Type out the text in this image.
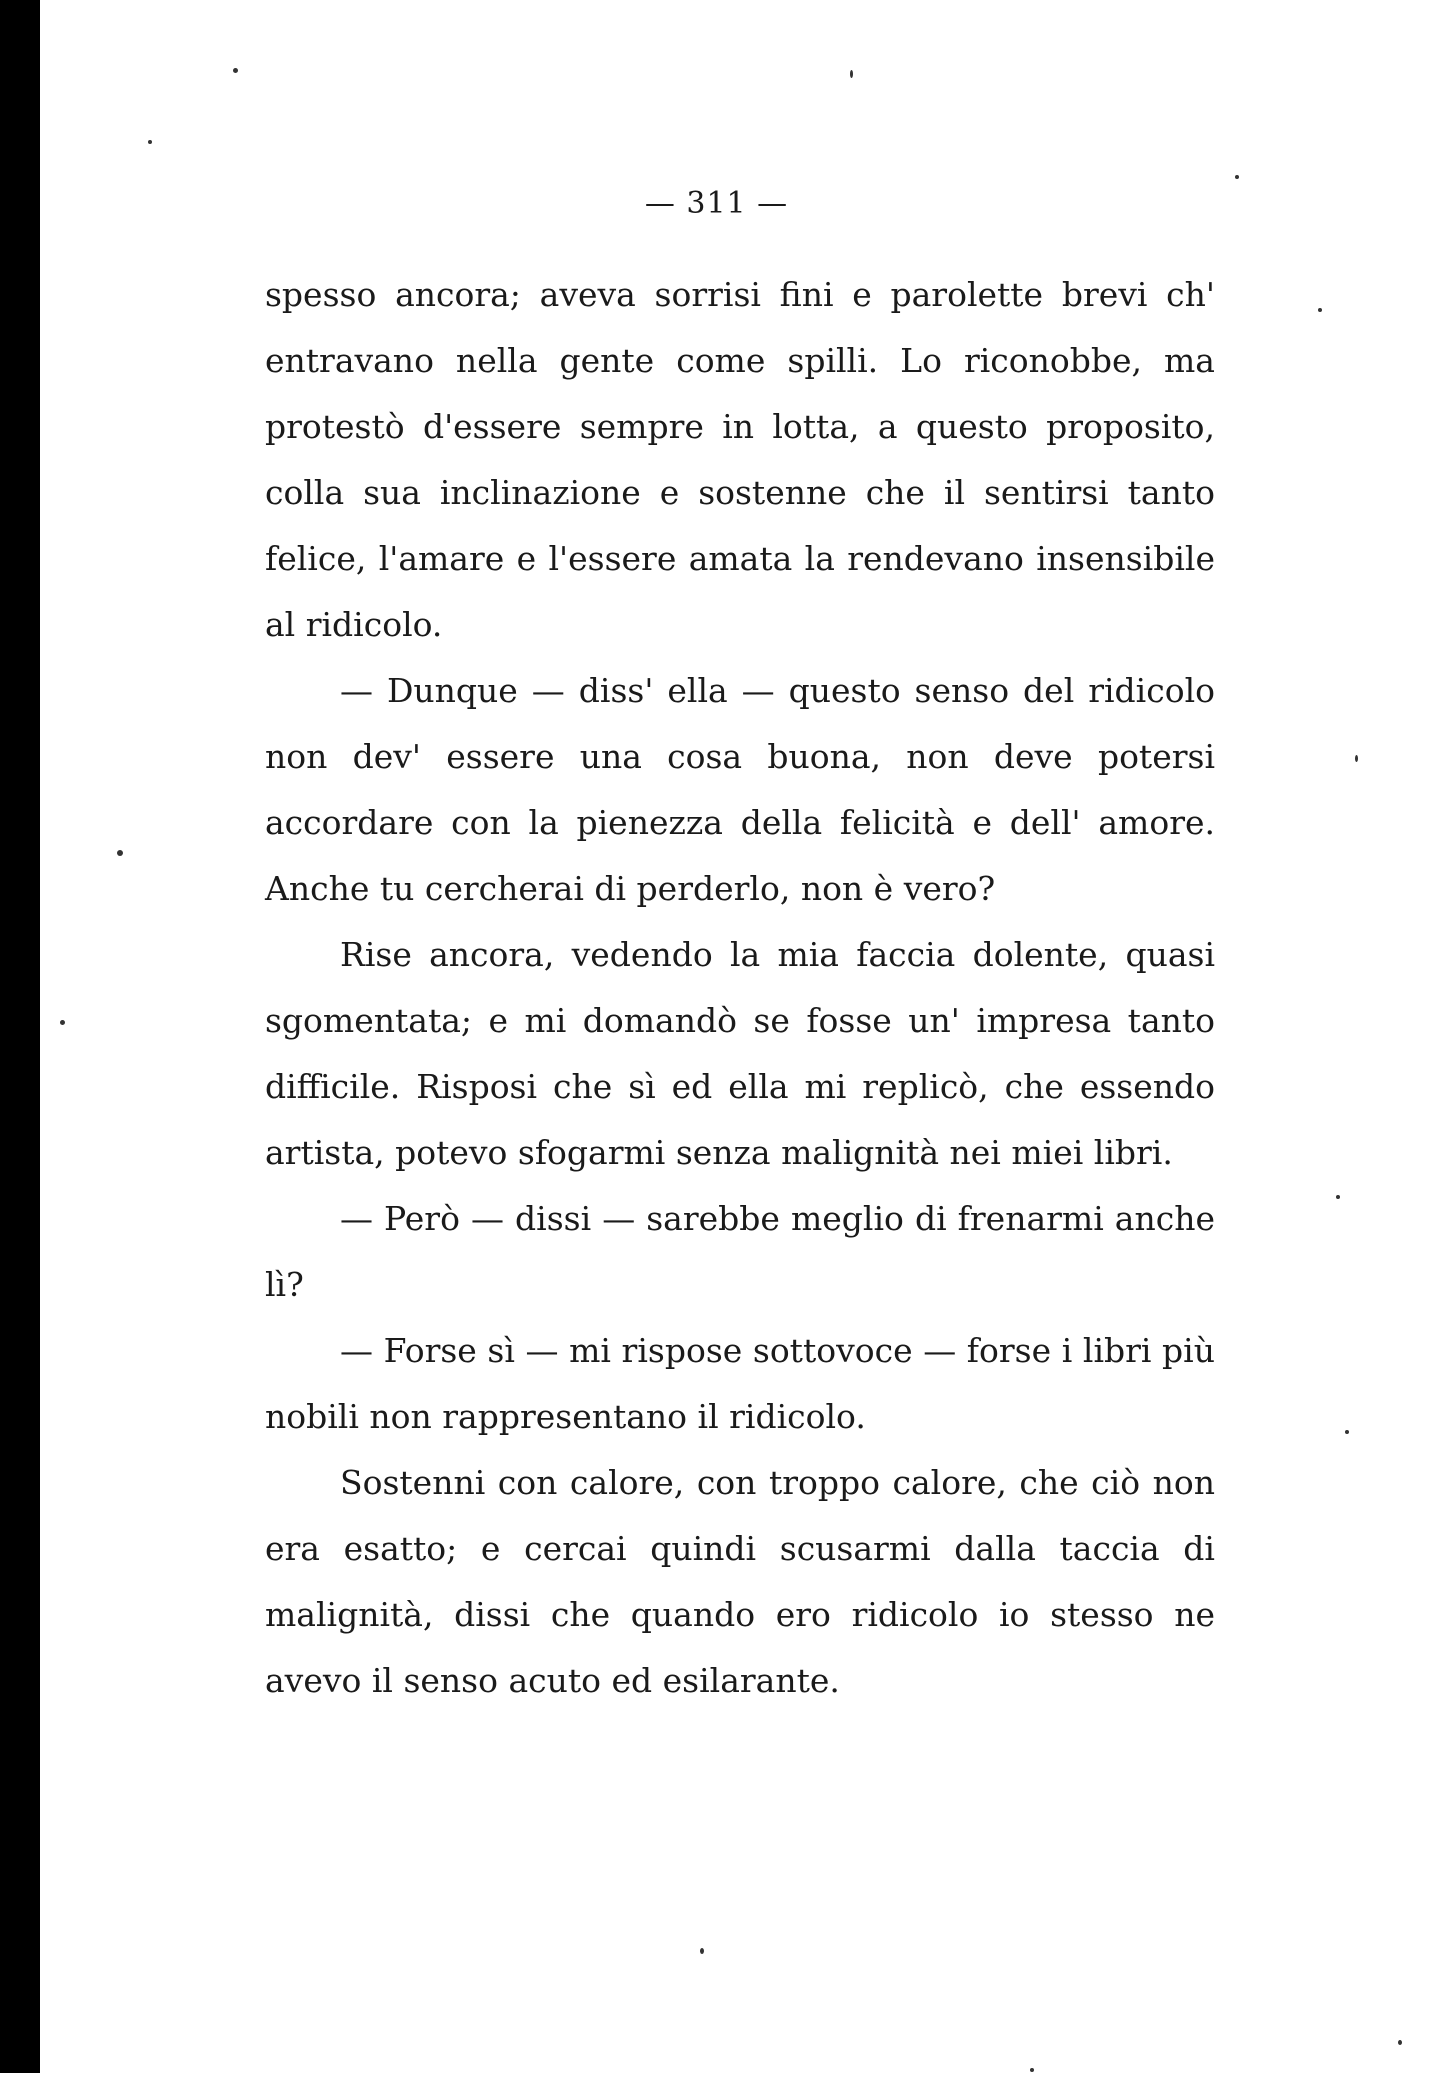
— 311 —

spesso ancora; aveva sorrisi fini e parolette brevi ch' entravano nella gente come spilli. Lo riconobbe, ma protestò d'essere sempre in lotta, a questo proposito, colla sua inclinazione e sostenne che il sentirsi tanto felice, l'amare e l'essere amata la rendevano insensibile al ridicolo.

— Dunque — diss' ella — questo senso del ridicolo non dev' essere una cosa buona, non deve potersi accordare con la pienezza della felicità e dell' amore. Anche tu cercherai di perderlo, non è vero?

Rise ancora, vedendo la mia faccia dolente, quasi sgomentata; e mi domandò se fosse un' impresa tanto difficile. Risposi che sì ed ella mi replicò, che essendo artista, potevo sfogarmi senza malignità nei miei libri.

— Però — dissi — sarebbe meglio di frenarmi anche lì?

— Forse sì — mi rispose sottovoce — forse i libri più nobili non rappresentano il ridicolo.

Sostenni con calore, con troppo calore, che ciò non era esatto; e cercai quindi scusarmi dalla taccia di malignità, dissi che quando ero ridicolo io stesso ne avevo il senso acuto ed esilarante.
